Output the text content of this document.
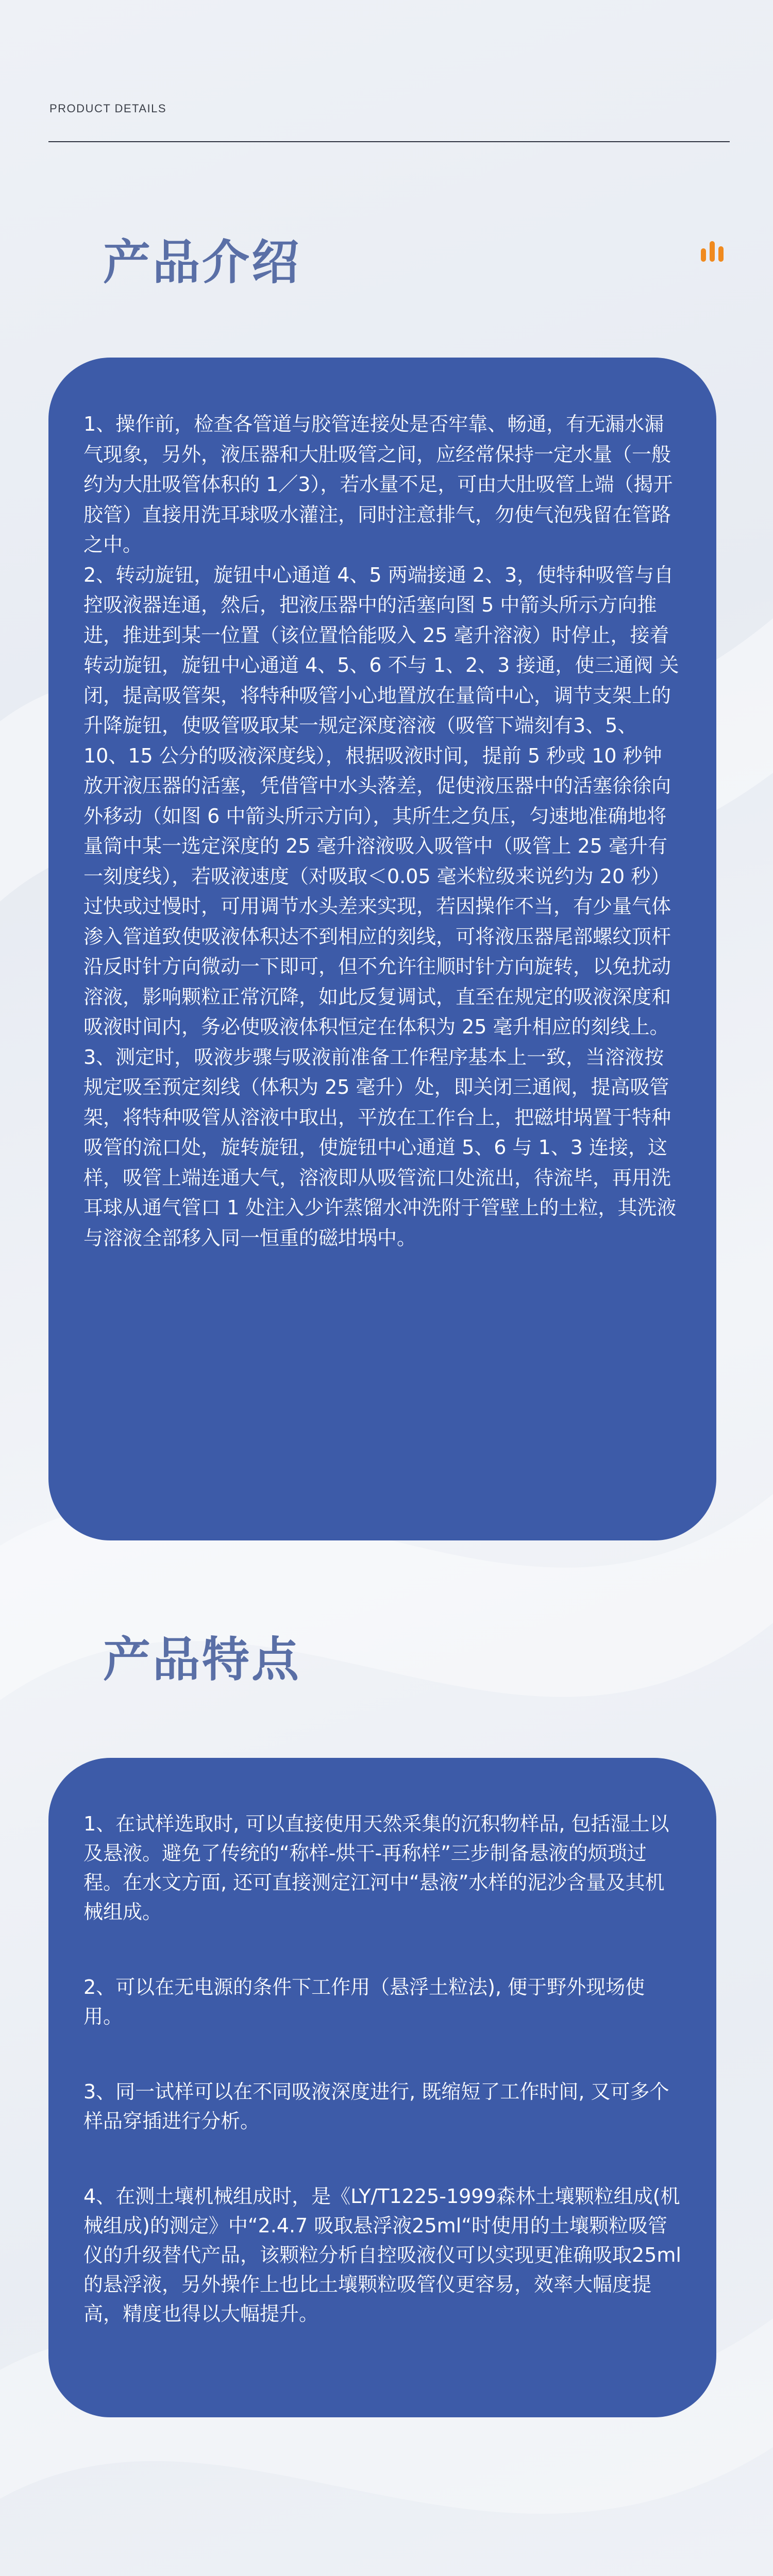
PRODUCT DETAILS
产品介绍

1、操作前，检查各管道与胶管连接处是否牢靠、畅通，有无漏水漏气现象，另外，液压器和大肚吸管之间，应经常保持一定水量（一般约为大肚吸管体积的 1／3），若水量不足，可由大肚吸管上端（揭开胶管）直接用洗耳球吸水灌注，同时注意排气，勿使气泡残留在管路之中。

2、转动旋钮，旋钮中心通道 4、5 两端接通 2、3，使特种吸管与自控吸液器连通，然后，把液压器中的活塞向图 5 中箭头所示方向推进，推进到某一位置（该位置恰能吸入 25 毫升溶液）时停止，接着转动旋钮，旋钮中心通道 4、5、6 不与 1、2、3 接通，使三通阀 关闭，提高吸管架，将特种吸管小心地置放在量筒中心，调节支架上的升降旋钮，使吸管吸取某一规定深度溶液（吸管下端刻有3、5、10、15 公分的吸液深度线），根据吸液时间，提前 5 秒或 10 秒钟放开液压器的活塞，凭借管中水头落差，促使液压器中的活塞徐徐向外移动（如图 6 中箭头所示方向），其所生之负压，匀速地准确地将量筒中某一选定深度的 25 毫升溶液吸入吸管中（吸管上 25 毫升有一刻度线），若吸液速度（对吸取＜0.05 毫米粒级来说约为 20 秒）过快或过慢时，可用调节水头差来实现，若因操作不当，有少量气体渗入管道致使吸液体积达不到相应的刻线，可将液压器尾部螺纹顶杆沿反时针方向微动一下即可，但不允许往顺时针方向旋转，以免扰动溶液，影响颗粒正常沉降，如此反复调试，直至在规定的吸液深度和吸液时间内，务必使吸液体积恒定在体积为 25 毫升相应的刻线上。

3、测定时，吸液步骤与吸液前准备工作程序基本上一致，当溶液按规定吸至预定刻线（体积为 25 毫升）处，即关闭三通阀，提高吸管架，将特种吸管从溶液中取出，平放在工作台上，把磁坩埚置于特种吸管的流口处，旋转旋钮，使旋钮中心通道 5、6 与 1、3 连接，这样，吸管上端连通大气，溶液即从吸管流口处流出，待流毕，再用洗耳球从通气管口 1 处注入少许蒸馏水冲洗附于管壁上的土粒，其洗液与溶液全部移入同一恒重的磁坩埚中。

产品特点

1、在试样选取时, 可以直接使用天然采集的沉积物样品, 包括湿土以及悬液。避免了传统的“称样-烘干-再称样”三步制备悬液的烦琐过程。在水文方面, 还可直接测定江河中“悬液”水样的泥沙含量及其机械组成。

2、可以在无电源的条件下工作用（悬浮土粒法), 便于野外现场使用。

3、同一试样可以在不同吸液深度进行, 既缩短了工作时间, 又可多个样品穿插进行分析。

4、在测土壤机械组成时，是《LY/T1225-1999森林土壤颗粒组成(机械组成)的测定》中“2.4.7 吸取悬浮液25ml“时使用的土壤颗粒吸管仪的升级替代产品，该颗粒分析自控吸液仪可以实现更准确吸取25ml的悬浮液，另外操作上也比土壤颗粒吸管仪更容易，效率大幅度提高，精度也得以大幅提升。
